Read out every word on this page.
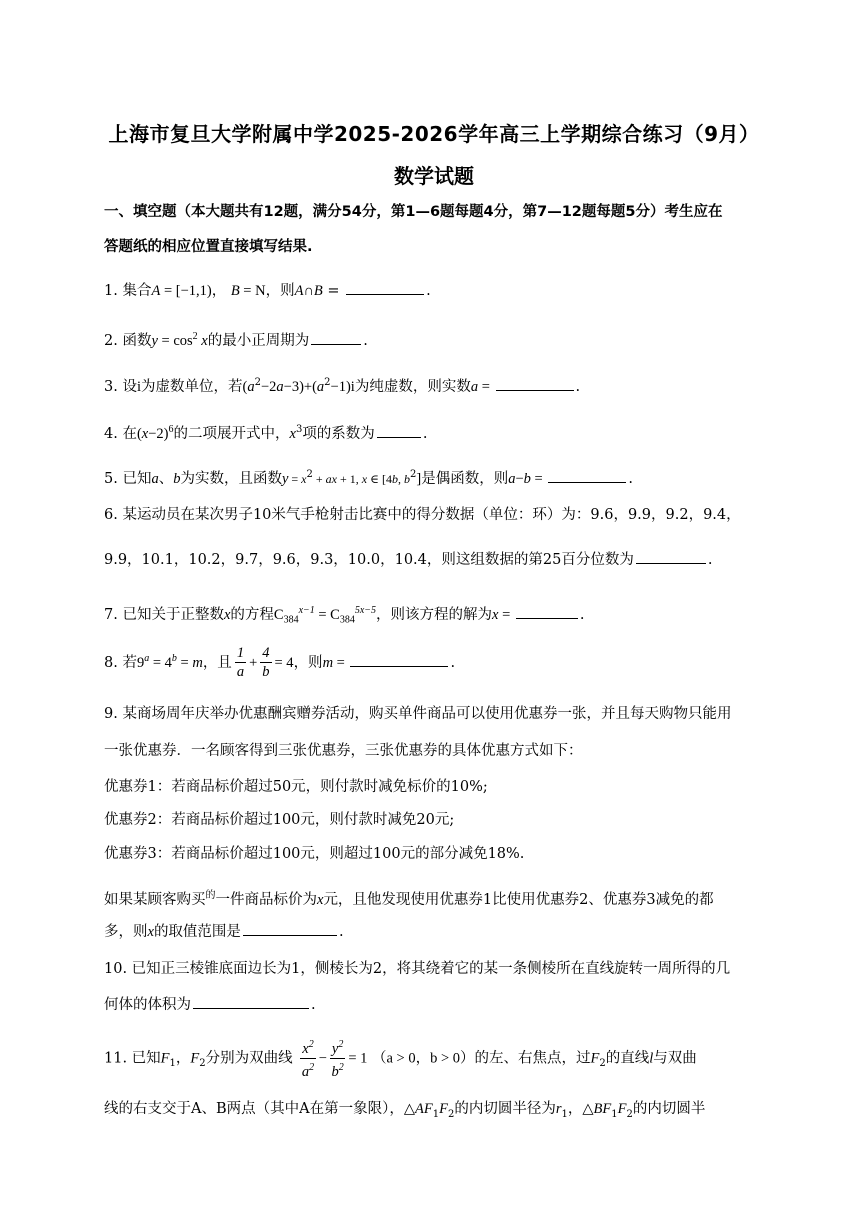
上海市复旦大学附属中学2025-2026学年高三上学期综合练习（9月）
数学试题
一、填空题（本大题共有12题，满分54分，第1—6题每题4分，第7—12题每题5分）考生应在
答题纸的相应位置直接填写结果.
1. 集合A = [−1,1)， B = N，则A∩B =	.
2. 函数$y = \cos^2 x$的最小正周期为	.
3. 设i为虚数单位，若$(a^2-2a-3)+(a^2-1)i$为纯虚数，则实数a =	.
4. 在$(x-2)^6$的二项展开式中，$x^3$项的系数为	.
5. 已知a、b为实数，且函数$y = x^2$ + ax + 1, x ∈ [4b, $b^2$]是偶函数，则a−b =	.
6. 某运动员在某次男子10米气手枪射击比赛中的得分数据（单位：环）为：9.6，9.9，9.2，9.4，
9.9，10.1，10.2，9.7，9.6，9.3，10.0，10.4，则这组数据的第25百分位数为	.
7. 已知关于正整数x的方程$C_{384}^{x-1} = C_{384}^{5x-5}$，则该方程的解为x =	.
8. 若$9^a = 4^b = m$，且 $\frac{1}{a} + \frac{4}{b} = 4$，则m =	.
9. 某商场周年庆举办优惠酬宾赠券活动，购买单件商品可以使用优惠券一张，并且每天购物只能用
一张优惠券．一名顾客得到三张优惠券，三张优惠券的具体优惠方式如下：
优惠券1：若商品标价超过50元，则付款时减免标价的10%;
优惠券2：若商品标价超过100元，则付款时减免20元;
优惠券3：若商品标价超过100元，则超过100元的部分减免18%.
如果某顾客购买$^的$一件商品标价为x元，且他发现使用优惠券1比使用优惠券2、优惠券3减免的都
多，则x的取值范围是	.
10. 已知正三棱锥底面边长为1，侧棱长为2，将其绕着它的某一条侧棱所在直线旋转一周所得的几
何体的体积为	.
11. 已知$F_1$，$F_2$分别为双曲线 $\frac{x^2}{a^2} - \frac{y^2}{b^2} = 1$ （a > 0，b > 0）的左、右焦点，过$F_2$的直线l与双曲
线的右支交于A、B两点（其中A在第一象限），$\triangle AF_1F_2$的内切圆半径为$r_1$，$\triangle BF_1F_2$的内切圆半
